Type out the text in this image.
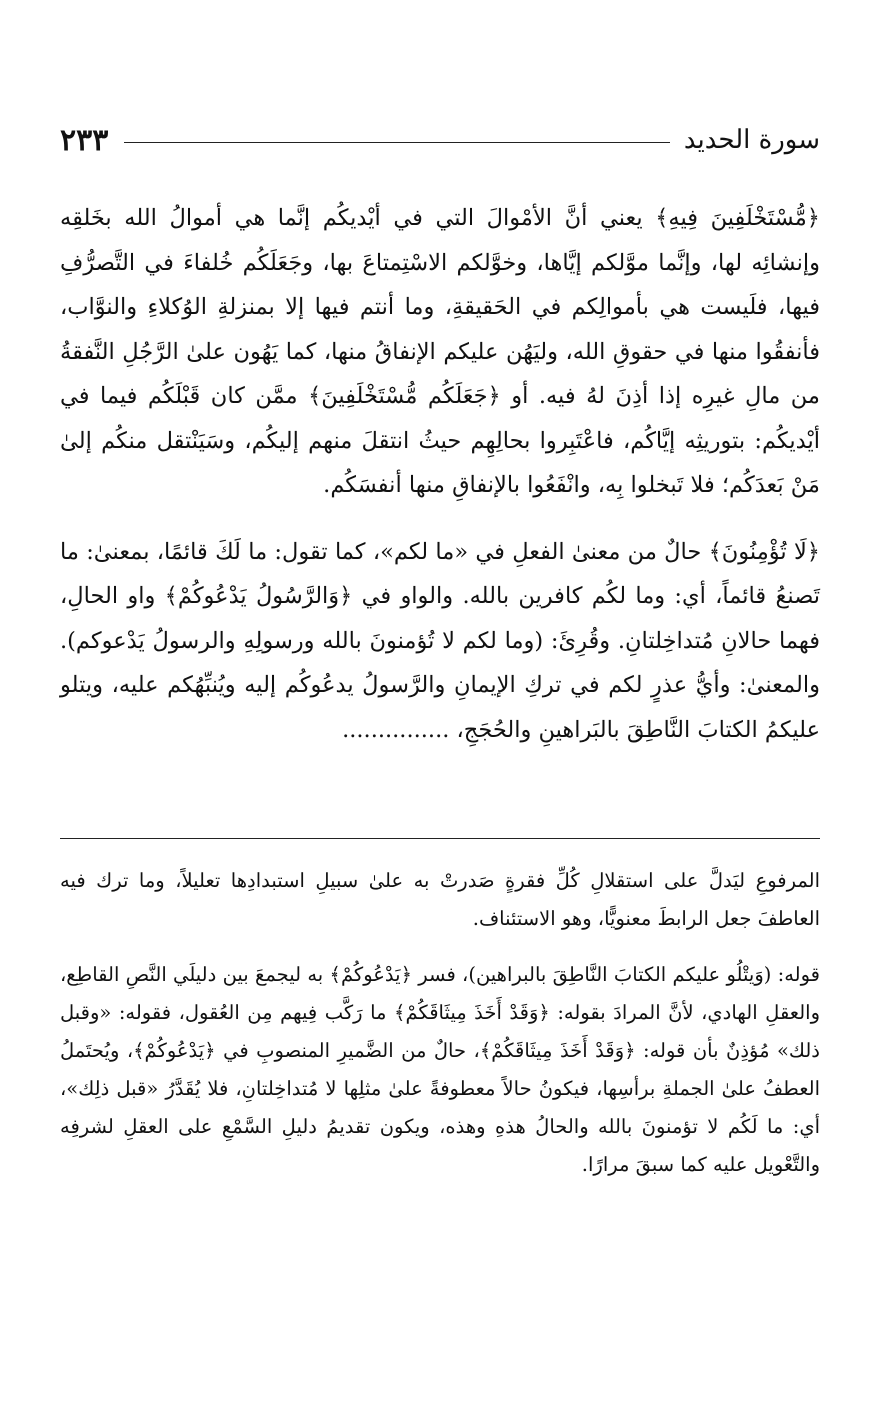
سورة الحديد
٢٣٣

﴿مُّسْتَخْلَفِينَ فِيهِ﴾ يعني أنَّ الأمْوالَ التي في أيْديكُم إنَّما هي أموالُ الله بخَلقِه وإنشائِه لها، وإنَّما موَّلكم إيَّاها، وخوَّلكم الاسْتِمتاعَ بها، وجَعَلَكُم خُلفاءَ في التَّصرُّفِ فيها، فلَيست هي بأموالِكم في الحَقيقةِ، وما أنتم فيها إلا بمنزلةِ الوُكلاءِ والنوَّاب، فأنفقُوا منها في حقوقِ الله، وليَهُن عليكم الإنفاقُ منها، كما يَهُون علىٰ الرَّجُلِ النَّفقةُ من مالِ غيرِه إذا أذِنَ لهُ فيه. أو ﴿جَعَلَكُم مُّسْتَخْلَفِينَ﴾ ممَّن كان قَبْلَكُم فيما في أيْديكُم: بتوريثِه إيَّاكُم، فاعْتَبِروا بحالِهِم حيثُ انتقلَ منهم إليكُم، وسَيَنْتقل منكُم إلىٰ مَنْ بَعدَكُم؛ فلا تَبخلوا بِه، وانْفَعُوا بالإنفاقِ منها أنفسَكُم.

﴿لَا تُؤْمِنُونَ﴾ حالٌ من معنىٰ الفعلِ في «ما لكم»، كما تقول: ما لَكَ قائمًا، بمعنىٰ: ما تَصنعُ قائماً، أي: وما لكُم كافرين بالله. والواو في ﴿وَالرَّسُولُ يَدْعُوكُمْ﴾ واو الحالِ، فهما حالانِ مُتداخِلتانِ. وقُرِئَ: (وما لكم لا تُؤمنونَ بالله ورسولِهِ والرسولُ يَدْعوكم). والمعنىٰ: وأيُّ عذرٍ لكم في تركِ الإيمانِ والرَّسولُ يدعُوكُم إليه ويُنبِّهُكم عليه، ويتلو عليكمُ الكتابَ النَّاطِقَ بالبَراهينِ والحُجَجِ، ...............

المرفوعِ ليَدلَّ على استقلالِ كُلِّ فقرةٍ صَدرتْ به علىٰ سبيلِ استبدادِها تعليلاً، وما ترك فيه العاطفَ جعل الرابطَ معنويًّا، وهو الاستئناف.

قوله: (وَيتْلُو عليكم الكتابَ النَّاطِقَ بالبراهين)، فسر ﴿يَدْعُوكُمْ﴾ به ليجمعَ بين دليلَي النَّصِ القاطِع، والعقلِ الهادي، لأنَّ المرادَ بقوله: ﴿وَقَدْ أَخَذَ مِيثَاقَكُمْ﴾ ما رَكَّب فِيهم مِن العُقول، فقوله: «وقبل ذلك» مُؤذِنٌ بأن قوله: ﴿وَقَدْ أَخَذَ مِيثَاقَكُمْ﴾، حالٌ من الضَّميرِ المنصوبِ في ﴿يَدْعُوكُمْ﴾، ويُحتَملُ العطفُ علىٰ الجملةِ برأسِها، فيكونُ حالاً معطوفةً علىٰ مثلِها لا مُتداخِلتانِ، فلا يُقَدَّرُ «قبل ذلِك»، أي: ما لَكُم لا تؤمنونَ بالله والحالُ هذهِ وهذه، ويكون تقديمُ دليلِ السَّمْعِ على العقلِ لشرفِه والتَّعْويل عليه كما سبقَ مرارًا.
